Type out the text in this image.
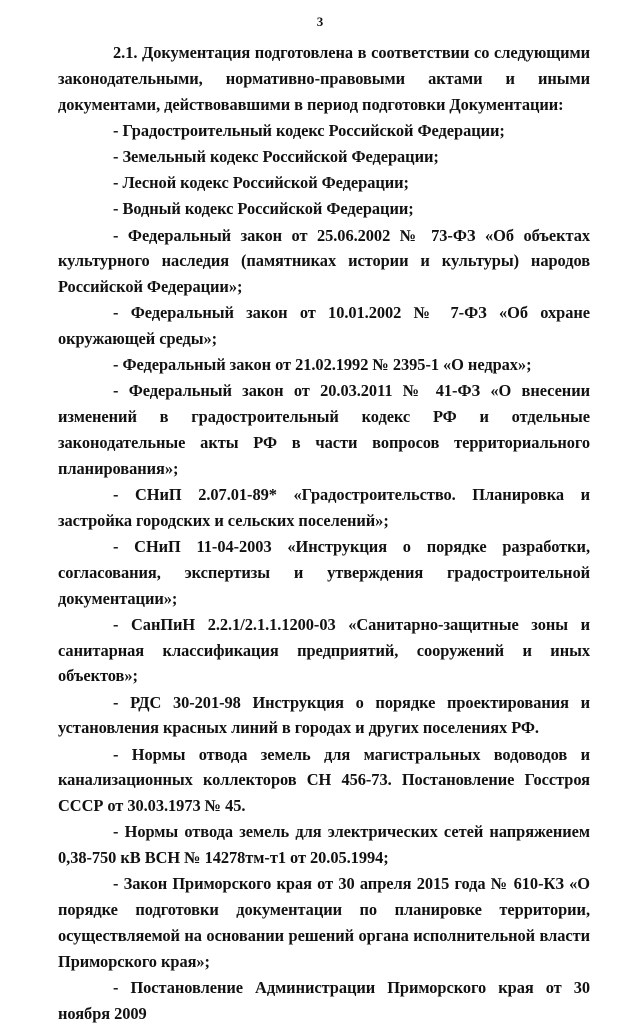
3

2.1. Документация подготовлена в соответствии со следующими законодательными, нормативно-правовыми актами и иными документами, действовавшими в период подготовки Документации:

- Градостроительный кодекс Российской Федерации;

- Земельный кодекс Российской Федерации;

- Лесной кодекс Российской Федерации;

- Водный кодекс Российской Федерации;

- Федеральный закон от 25.06.2002 № 73-ФЗ «Об объектах культурного наследия (памятниках истории и культуры) народов Российской Федерации»;

- Федеральный закон от 10.01.2002 № 7-ФЗ «Об охране окружающей среды»;

- Федеральный закон от 21.02.1992 № 2395-1 «О недрах»;

- Федеральный закон от 20.03.2011 № 41-ФЗ «О внесении изменений в градостроительный кодекс РФ и отдельные законодательные акты РФ в части вопросов территориального планирования»;

- СНиП 2.07.01-89* «Градостроительство. Планировка и застройка городских и сельских поселений»;

- СНиП 11-04-2003 «Инструкция о порядке разработки, согласования, экспертизы и утверждения градостроительной документации»;

- СанПиН 2.2.1/2.1.1.1200-03 «Санитарно-защитные зоны и санитарная классификация предприятий, сооружений и иных объектов»;

- РДС 30-201-98 Инструкция о порядке проектирования и установления красных линий в городах и других поселениях РФ.

- Нормы отвода земель для магистральных водоводов и канализационных коллекторов СН 456-73. Постановление Госстроя СССР от 30.03.1973 № 45.

- Нормы отвода земель для электрических сетей напряжением 0,38-750 кВ ВСН № 14278тм-т1 от 20.05.1994;

- Закон Приморского края от 30 апреля 2015 года № 610-КЗ «О порядке подготовки документации по планировке территории, осуществляемой на основании решений органа исполнительной власти Приморского края»;

- Постановление Администрации Приморского края от 30 ноября 2009
